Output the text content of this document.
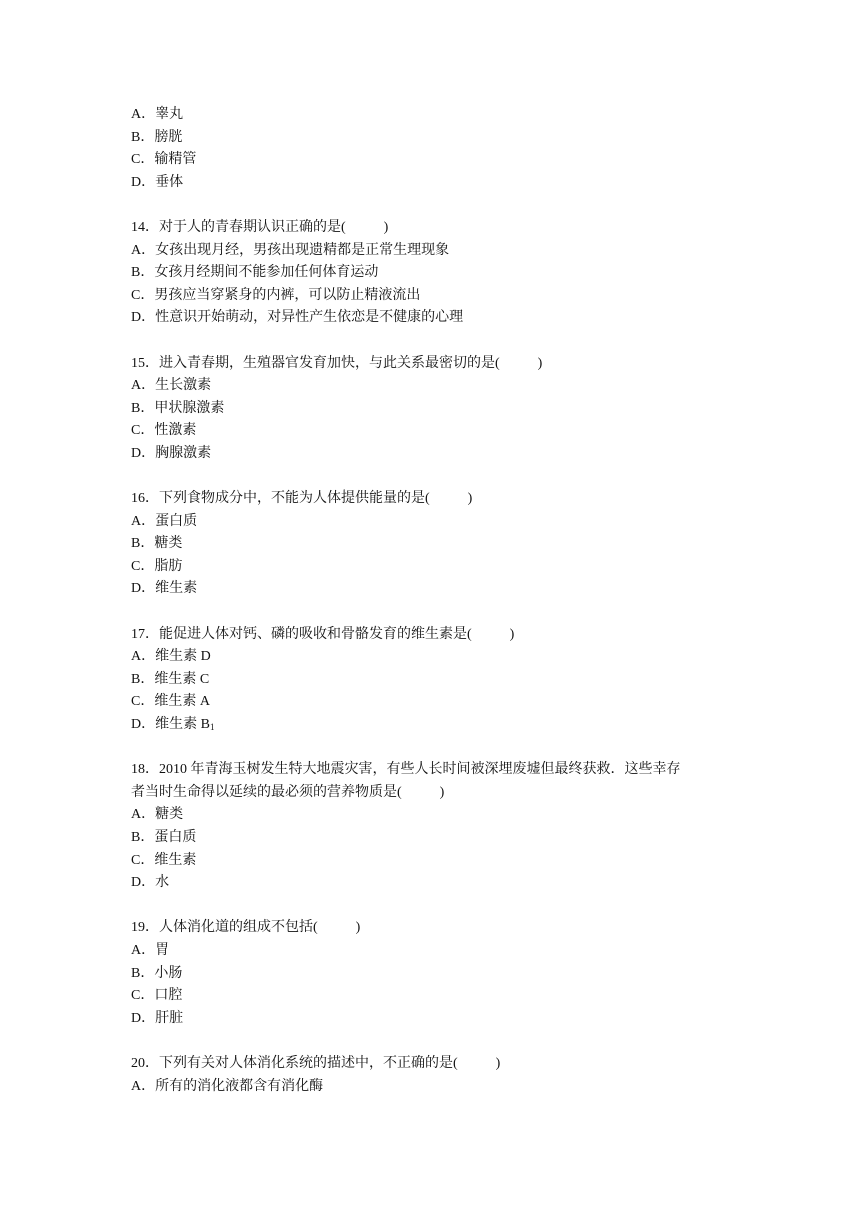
A．睾丸
B．膀胱
C．输精管
D．垂体
14．对于人的青春期认识正确的是(	)
A．女孩出现月经，男孩出现遗精都是正常生理现象
B．女孩月经期间不能参加任何体育运动
C．男孩应当穿紧身的内裤，可以防止精液流出
D．性意识开始萌动，对异性产生依恋是不健康的心理
15．进入青春期，生殖器官发育加快，与此关系最密切的是(	)
A．生长激素
B．甲状腺激素
C．性激素
D．胸腺激素
16．下列食物成分中，不能为人体提供能量的是(	)
A．蛋白质
B．糖类
C．脂肪
D．维生素
17．能促进人体对钙、磷的吸收和骨骼发育的维生素是(	)
A．维生素 D
B．维生素 C
C．维生素 A
D．维生素 $B_1$
18．2010 年青海玉树发生特大地震灾害，有些人长时间被深埋废墟但最终获救．这些幸存
者当时生命得以延续的最必须的营养物质是(	)
A．糖类
B．蛋白质
C．维生素
D．水
19．人体消化道的组成不包括(	)
A．胃
B．小肠
C．口腔
D．肝脏
20．下列有关对人体消化系统的描述中，不正确的是(	)
A．所有的消化液都含有消化酶
